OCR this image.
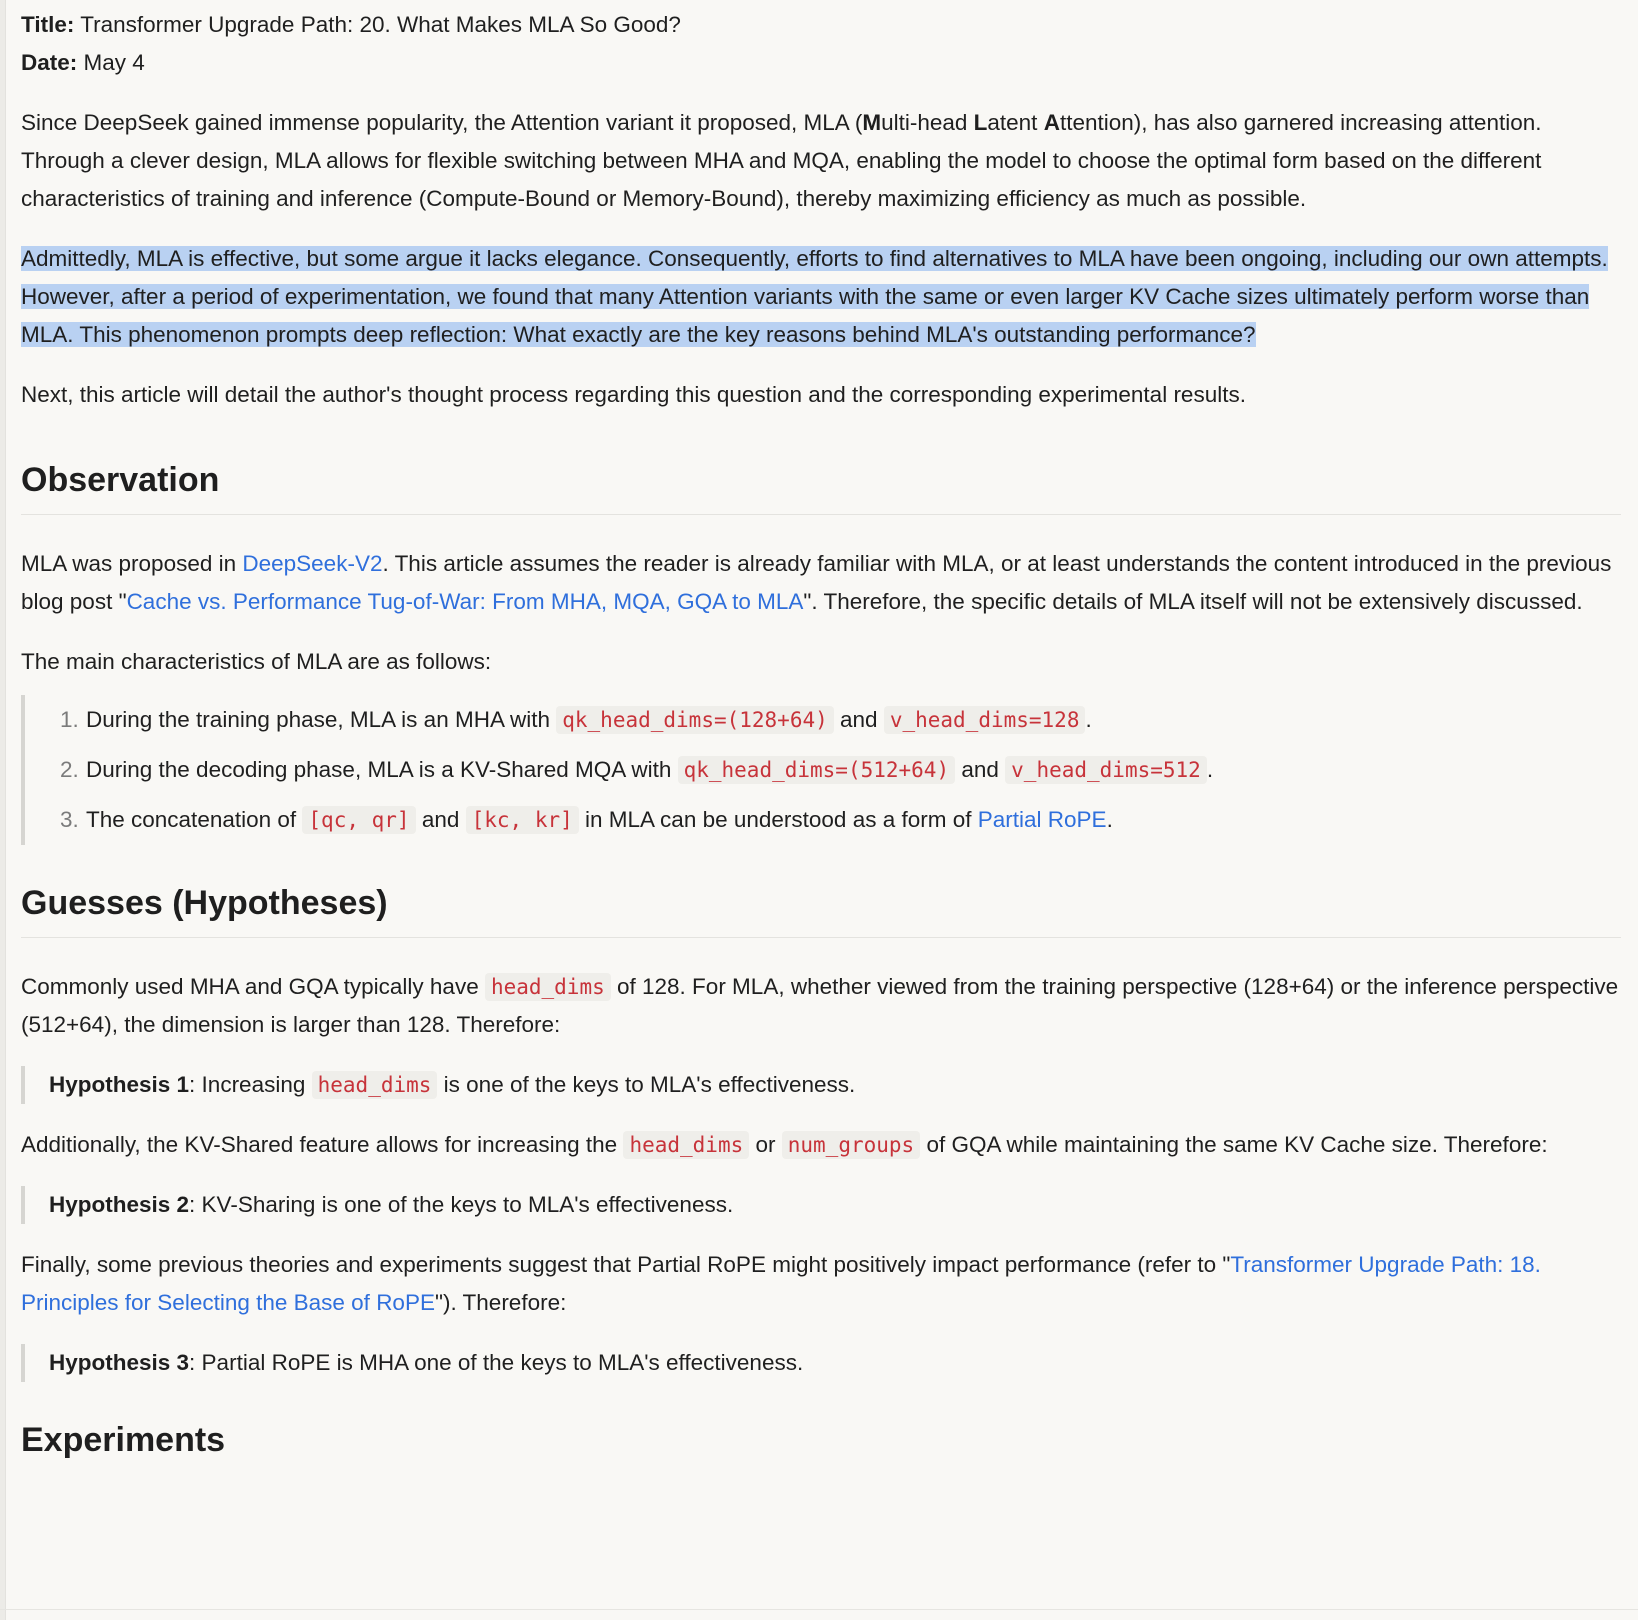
Title: Transformer Upgrade Path: 20. What Makes MLA So Good?

Date: May 4

Since DeepSeek gained immense popularity, the Attention variant it proposed, MLA (Multi-head Latent Attention), has also garnered increasing attention. Through a clever design, MLA allows for flexible switching between MHA and MQA, enabling the model to choose the optimal form based on the different characteristics of training and inference (Compute-Bound or Memory-Bound), thereby maximizing efficiency as much as possible.

Admittedly, MLA is effective, but some argue it lacks elegance. Consequently, efforts to find alternatives to MLA have been ongoing, including our own attempts. However, after a period of experimentation, we found that many Attention variants with the same or even larger KV Cache sizes ultimately perform worse than MLA. This phenomenon prompts deep reflection: What exactly are the key reasons behind MLA's outstanding performance?

Next, this article will detail the author's thought process regarding this question and the corresponding experimental results.

Observation

MLA was proposed in DeepSeek-V2. This article assumes the reader is already familiar with MLA, or at least understands the content introduced in the previous blog post "Cache vs. Performance Tug-of-War: From MHA, MQA, GQA to MLA". Therefore, the specific details of MLA itself will not be extensively discussed.

The main characteristics of MLA are as follows:

1. During the training phase, MLA is an MHA with qk_head_dims=(128+64) and v_head_dims=128 .
2. During the decoding phase, MLA is a KV-Shared MQA with qk_head_dims=(512+64) and v_head_dims=512 .
3. The concatenation of [qc, qr] and [kc, kr] in MLA can be understood as a form of Partial RoPE.
Guesses (Hypotheses)

Commonly used MHA and GQA typically have head_dims of 128. For MLA, whether viewed from the training perspective (128+64) or the inference perspective (512+64), the dimension is larger than 128. Therefore:

Hypothesis 1: Increasing head_dims is one of the keys to MLA's effectiveness.

Additionally, the KV-Shared feature allows for increasing the head_dims or num_groups of GQA while maintaining the same KV Cache size. Therefore:

Hypothesis 2: KV-Sharing is one of the keys to MLA's effectiveness.

Finally, some previous theories and experiments suggest that Partial RoPE might positively impact performance (refer to "Transformer Upgrade Path: 18. Principles for Selecting the Base of RoPE"). Therefore:

Hypothesis 3: Partial RoPE is MHA one of the keys to MLA's effectiveness.
Experiments
